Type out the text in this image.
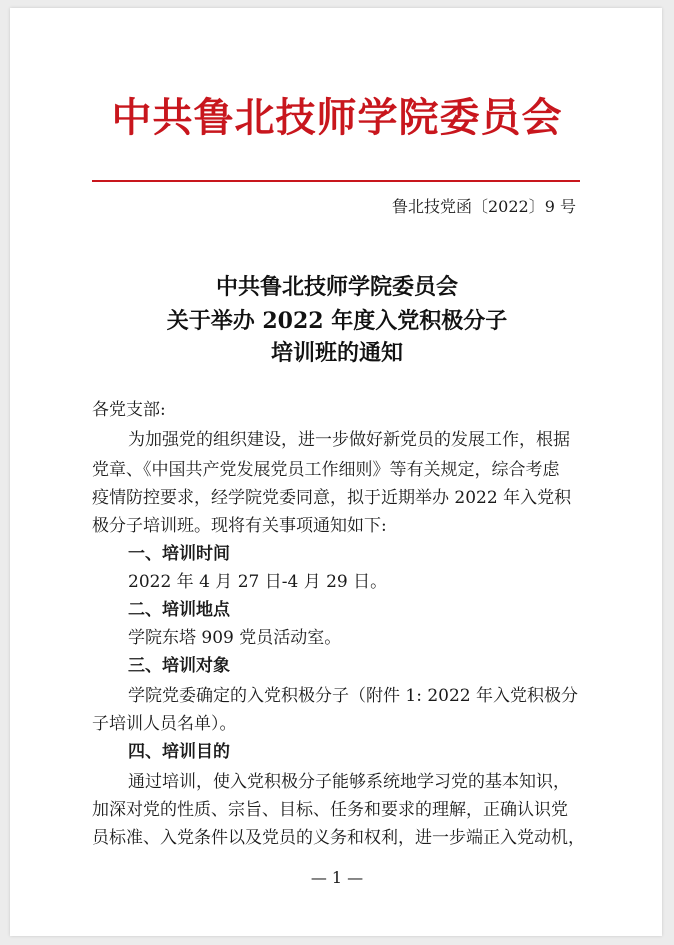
中共鲁北技师学院委员会
鲁北技党函〔2022〕9 号
中共鲁北技师学院委员会
关于举办 2022 年度入党积极分子
培训班的通知
各党支部:
为加强党的组织建设，进一步做好新党员的发展工作，根据
党章、《中国共产党发展党员工作细则》等有关规定，综合考虑
疫情防控要求，经学院党委同意，拟于近期举办 2022 年入党积
极分子培训班。现将有关事项通知如下:
一、培训时间
2022 年 4 月 27 日-4 月 29 日。
二、培训地点
学院东塔 909 党员活动室。
三、培训对象
学院党委确定的入党积极分子（附件 1: 2022 年入党积极分
子培训人员名单）。
四、培训目的
通过培训，使入党积极分子能够系统地学习党的基本知识，
加深对党的性质、宗旨、目标、任务和要求的理解，正确认识党
员标准、入党条件以及党员的义务和权利，进一步端正入党动机，
— 1 —
